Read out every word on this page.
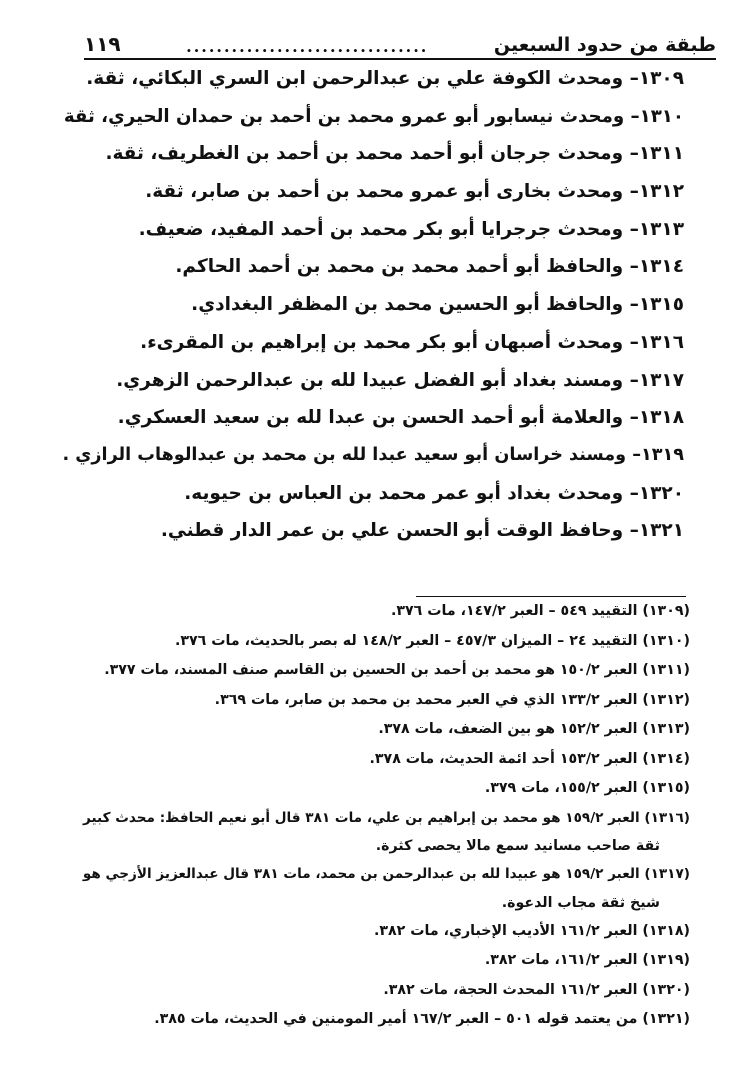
طبقة من حدود السبعين
................................
١١٩
١٣٠٩– ومحدث الكوفة علي بن عبدالرحمن ابن السري البكائي، ثقة.
١٣١٠– ومحدث نيسابور أبو عمرو محمد بن أحمد بن حمدان الحيري، ثقة
١٣١١– ومحدث جرجان أبو أحمد محمد بن أحمد بن الغطريف، ثقة.
١٣١٢– ومحدث بخارى أبو عمرو محمد بن أحمد بن صابر، ثقة.
١٣١٣– ومحدث جرجرايا أبو بكر محمد بن أحمد المفيد، ضعيف.
١٣١٤– والحافظ أبو أحمد محمد بن محمد بن أحمد الحاكم.
١٣١٥– والحافظ أبو الحسين محمد بن المظفر البغدادي.
١٣١٦– ومحدث أصبهان أبو بكر محمد بن إبراهيم بن المقرىء.
١٣١٧– ومسند بغداد أبو الفضل عبيدا لله بن عبدالرحمن الزهري.
١٣١٨– والعلامة أبو أحمد الحسن بن عبدا لله بن سعيد العسكري.
١٣١٩– ومسند خراسان أبو سعيد عبدا لله بن محمد بن عبدالوهاب الرازي .
١٣٢٠– ومحدث بغداد أبو عمر محمد بن العباس بن حيويه.
١٣٢١– وحافظ الوقت أبو الحسن علي بن عمر الدار قطني.
(١٣٠٩) التقييد ٥٤٩ – العبر ١٤٧/٢، مات ٣٧٦.
(١٣١٠) التقييد ٢٤ – الميزان ٤٥٧/٣ – العبر ١٤٨/٢ له بصر بالحديث، مات ٣٧٦.
(١٣١١) العبر ١٥٠/٢ هو محمد بن أحمد بن الحسين بن القاسم صنف المسند، مات ٣٧٧.
(١٣١٢) العبر ١٣٣/٢ الذي في العبر محمد بن محمد بن صابر، مات ٣٦٩.
(١٣١٣) العبر ١٥٢/٢ هو بين الضعف، مات ٣٧٨.
(١٣١٤) العبر ١٥٣/٢ أحد ائمة الحديث، مات ٣٧٨.
(١٣١٥) العبر ١٥٥/٢، مات ٣٧٩.
(١٣١٦) العبر ١٥٩/٢ هو محمد بن إبراهيم بن علي، مات ٣٨١ قال أبو نعيم الحافظ: محدث كبير
ثقة صاحب مسانيد سمع مالا يحصى كثرة.
(١٣١٧) العبر ١٥٩/٢ هو عبيدا لله بن عبدالرحمن بن محمد، مات ٣٨١ قال عبدالعزيز الأزجي هو
شيخ ثقة مجاب الدعوة.
(١٣١٨) العبر ١٦١/٢ الأديب الإخباري، مات ٣٨٢.
(١٣١٩) العبر ١٦١/٢، مات ٣٨٢.
(١٣٢٠) العبر ١٦١/٢ المحدث الحجة، مات ٣٨٢.
(١٣٢١) من يعتمد قوله ٥٠١ – العبر ١٦٧/٢ أمير المومنين في الحديث، مات ٣٨٥.
